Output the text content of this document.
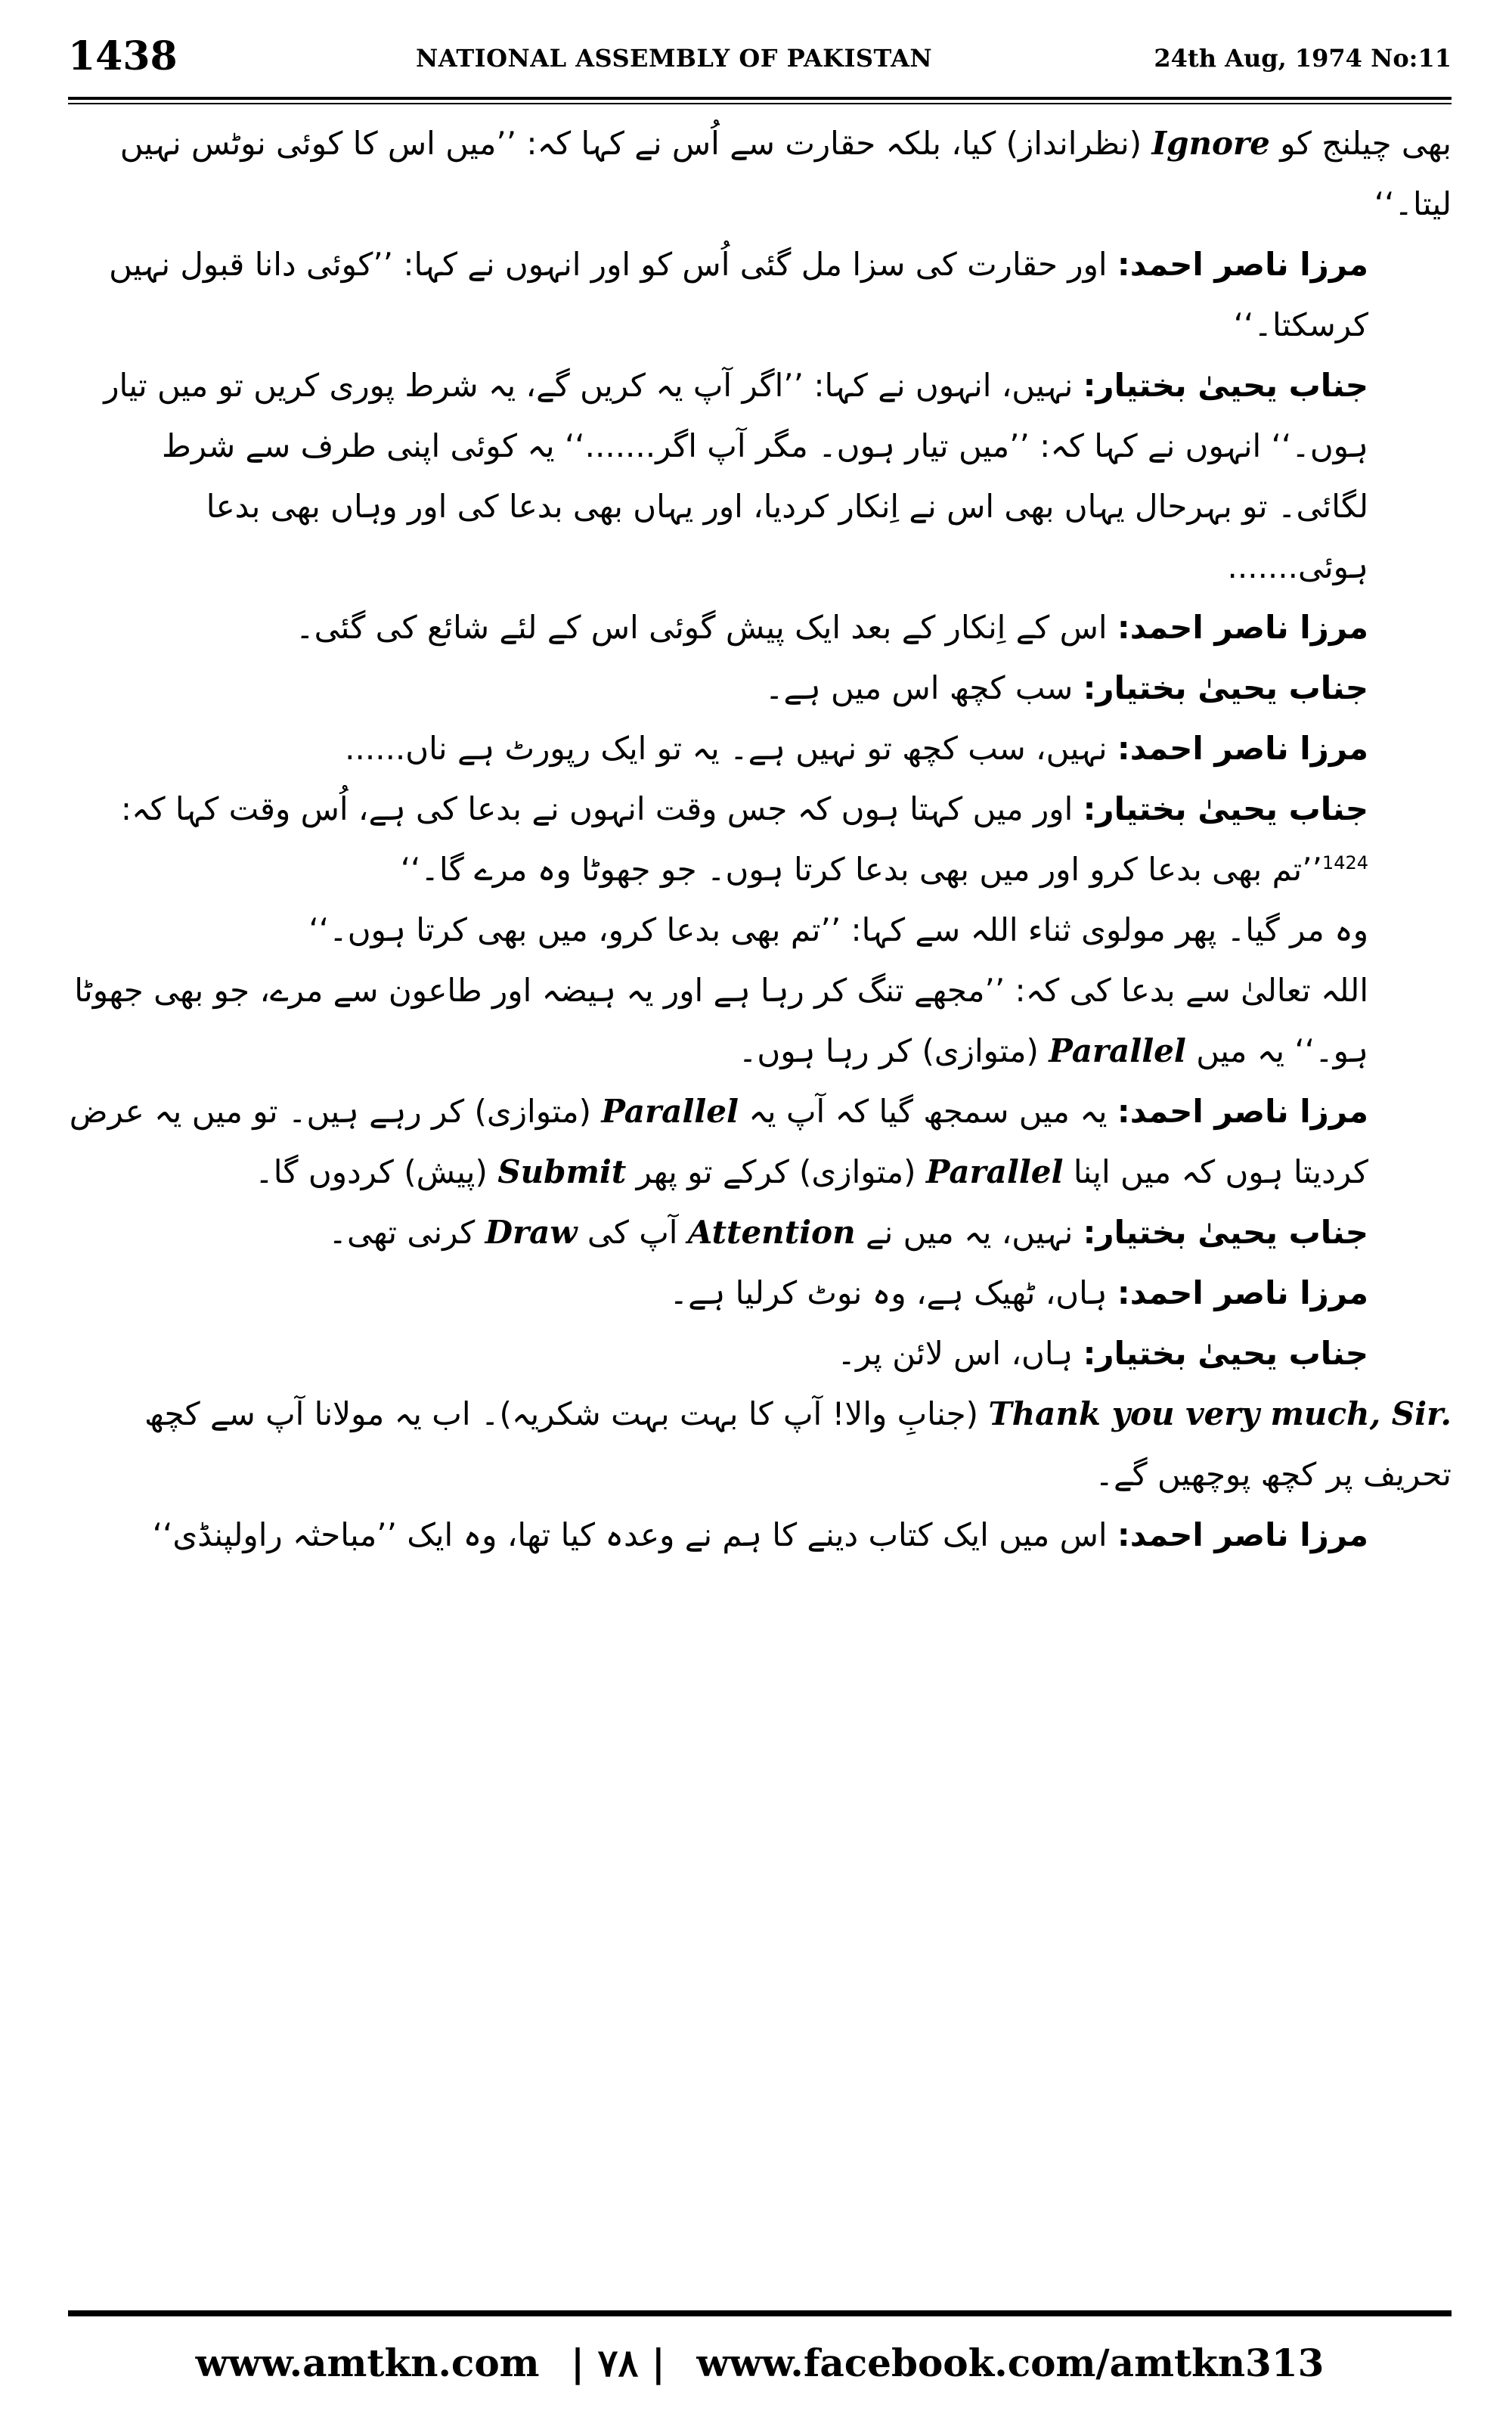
1438	NATIONAL ASSEMBLY OF PAKISTAN	24th Aug, 1974 No:11

بھی چیلنج کو Ignore (نظرانداز) کیا، بلکہ حقارت سے اُس نے کہا کہ: ’’میں اس کا کوئی نوٹس نہیں لیتا۔‘‘

مرزا ناصر احمد: اور حقارت کی سزا مل گئی اُس کو اور انہوں نے کہا: ’’کوئی دانا قبول نہیں کرسکتا۔‘‘

جناب یحییٰ بختیار: نہیں، انہوں نے کہا: ’’اگر آپ یہ کریں گے، یہ شرط پوری کریں تو میں تیار ہوں۔‘‘ انہوں نے کہا کہ: ’’میں تیار ہوں۔ مگر آپ اگر.......‘‘ یہ کوئی اپنی طرف سے شرط لگائی۔ تو بہرحال یہاں بھی اس نے اِنکار کردیا، اور یہاں بھی بدعا کی اور وہاں بھی بدعا ہوئی.......

مرزا ناصر احمد: اس کے اِنکار کے بعد ایک پیش گوئی اس کے لئے شائع کی گئی۔

جناب یحییٰ بختیار: سب کچھ اس میں ہے۔

مرزا ناصر احمد: نہیں، سب کچھ تو نہیں ہے۔ یہ تو ایک رپورٹ ہے ناں......

جناب یحییٰ بختیار: اور میں کہتا ہوں کہ جس وقت انہوں نے بدعا کی ہے، اُس وقت کہا کہ: $^{1424}$’’تم بھی بدعا کرو اور میں بھی بدعا کرتا ہوں۔ جو جھوٹا وہ مرے گا۔‘‘

وہ مر گیا۔ پھر مولوی ثناء اللہ سے کہا: ’’تم بھی بدعا کرو، میں بھی کرتا ہوں۔‘‘

اللہ تعالیٰ سے بدعا کی کہ: ’’مجھے تنگ کر رہا ہے اور یہ ہیضہ اور طاعون سے مرے، جو بھی جھوٹا ہو۔‘‘ یہ میں Parallel (متوازی) کر رہا ہوں۔

مرزا ناصر احمد: یہ میں سمجھ گیا کہ آپ یہ Parallel (متوازی) کر رہے ہیں۔ تو میں یہ عرض کردیتا ہوں کہ میں اپنا Parallel (متوازی) کرکے تو پھر Submit (پیش) کردوں گا۔

جناب یحییٰ بختیار: نہیں، یہ میں نے Attention آپ کی Draw کرنی تھی۔

مرزا ناصر احمد: ہاں، ٹھیک ہے، وہ نوٹ کرلیا ہے۔

جناب یحییٰ بختیار: ہاں، اس لائن پر۔

Thank you very much, Sir. (جنابِ والا! آپ کا بہت بہت شکریہ)۔ اب یہ مولانا آپ سے کچھ تحریف پر کچھ پوچھیں گے۔

مرزا ناصر احمد: اس میں ایک کتاب دینے کا ہم نے وعدہ کیا تھا، وہ ایک ’’مباحثہ راولپنڈی‘‘

www.amtkn.com | ۷۸ | www.facebook.com/amtkn313
